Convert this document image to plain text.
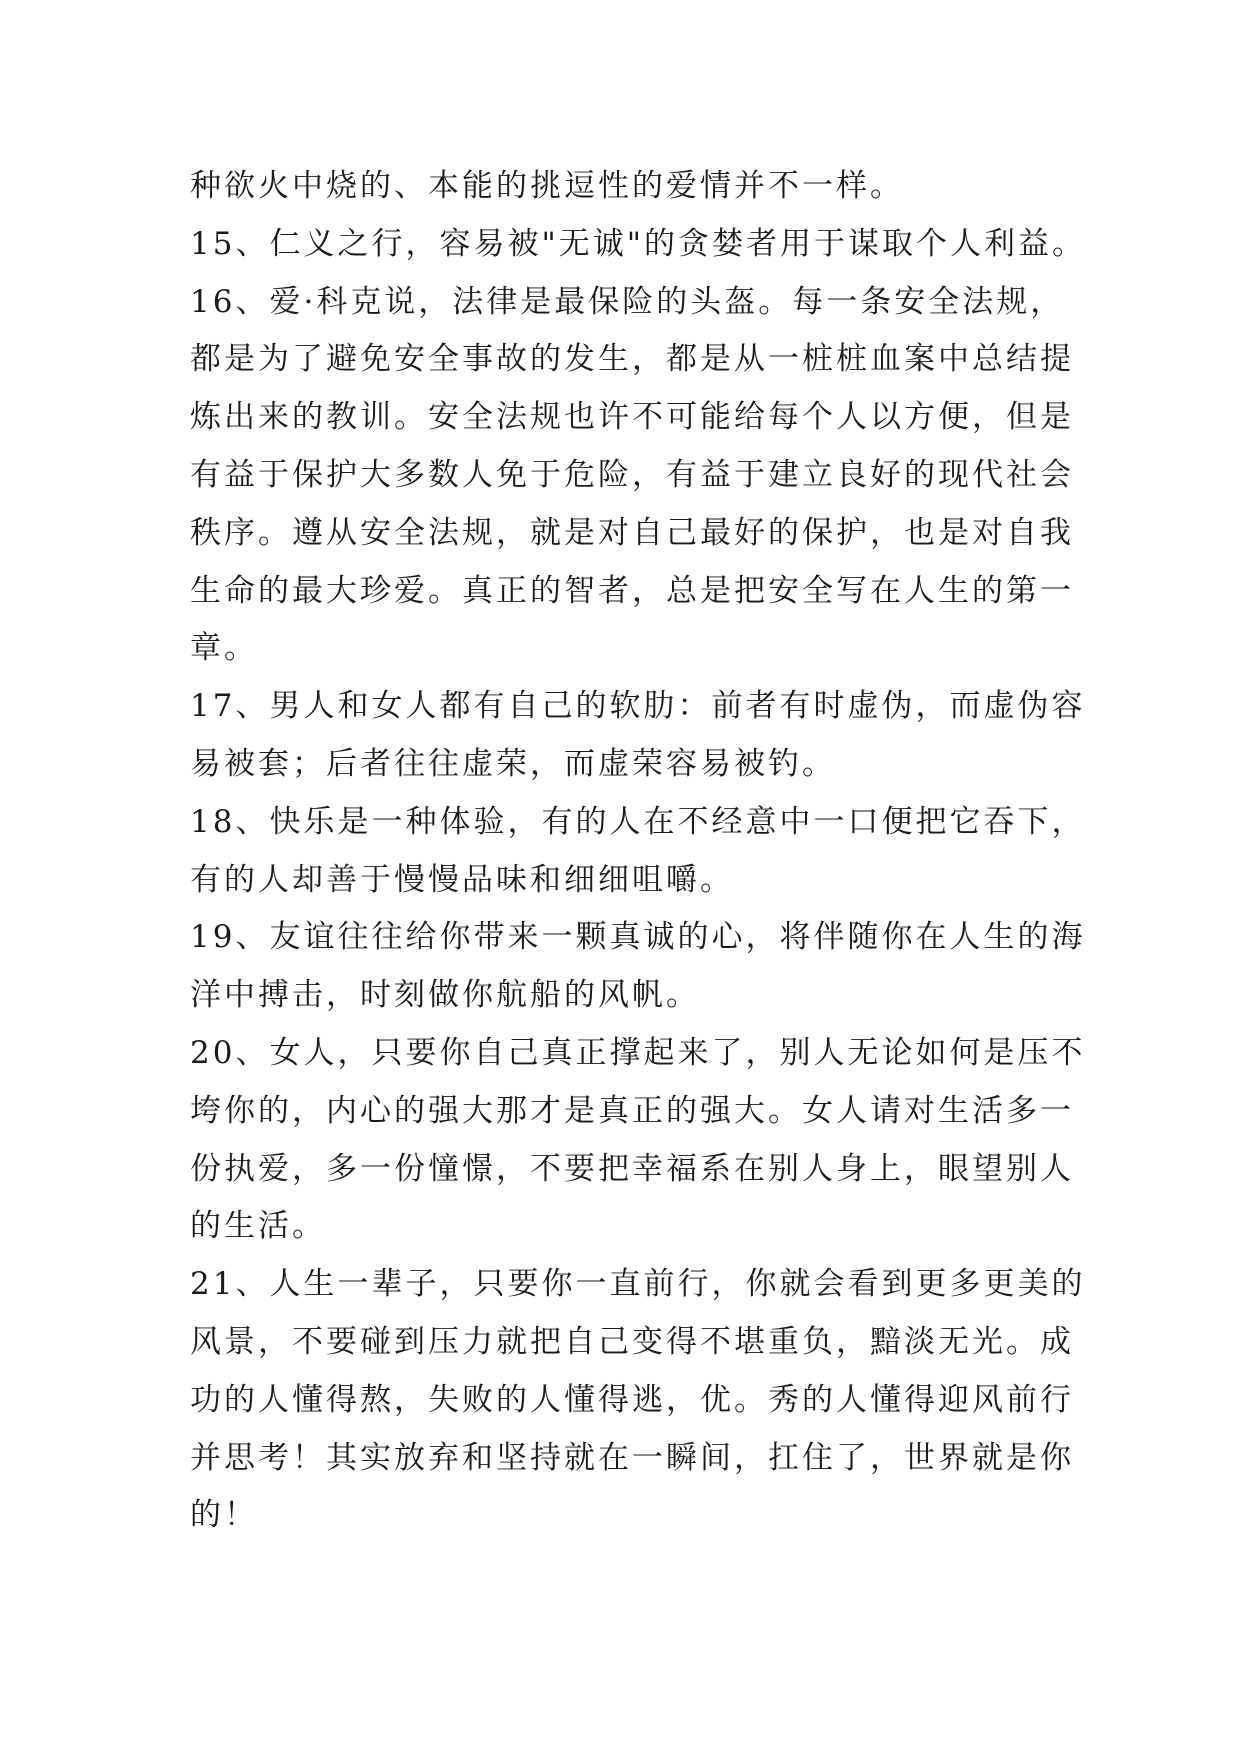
种欲火中烧的、本能的挑逗性的爱情并不一样。
15、仁义之行，容易被"无诚"的贪婪者用于谋取个人利益。
16、爱·科克说，法律是最保险的头盔。每一条安全法规，
都是为了避免安全事故的发生，都是从一桩桩血案中总结提
炼出来的教训。安全法规也许不可能给每个人以方便，但是
有益于保护大多数人免于危险，有益于建立良好的现代社会
秩序。遵从安全法规，就是对自己最好的保护，也是对自我
生命的最大珍爱。真正的智者，总是把安全写在人生的第一
章。
17、男人和女人都有自己的软肋：前者有时虚伪，而虚伪容
易被套；后者往往虚荣，而虚荣容易被钓。
18、快乐是一种体验，有的人在不经意中一口便把它吞下，
有的人却善于慢慢品味和细细咀嚼。
19、友谊往往给你带来一颗真诚的心，将伴随你在人生的海
洋中搏击，时刻做你航船的风帆。
20、女人，只要你自己真正撑起来了，别人无论如何是压不
垮你的，内心的强大那才是真正的强大。女人请对生活多一
份执爱，多一份憧憬，不要把幸福系在别人身上，眼望别人
的生活。
21、人生一辈子，只要你一直前行，你就会看到更多更美的
风景，不要碰到压力就把自己变得不堪重负，黯淡无光。成
功的人懂得熬，失败的人懂得逃，优。秀的人懂得迎风前行
并思考！其实放弃和坚持就在一瞬间，扛住了，世界就是你
的！
